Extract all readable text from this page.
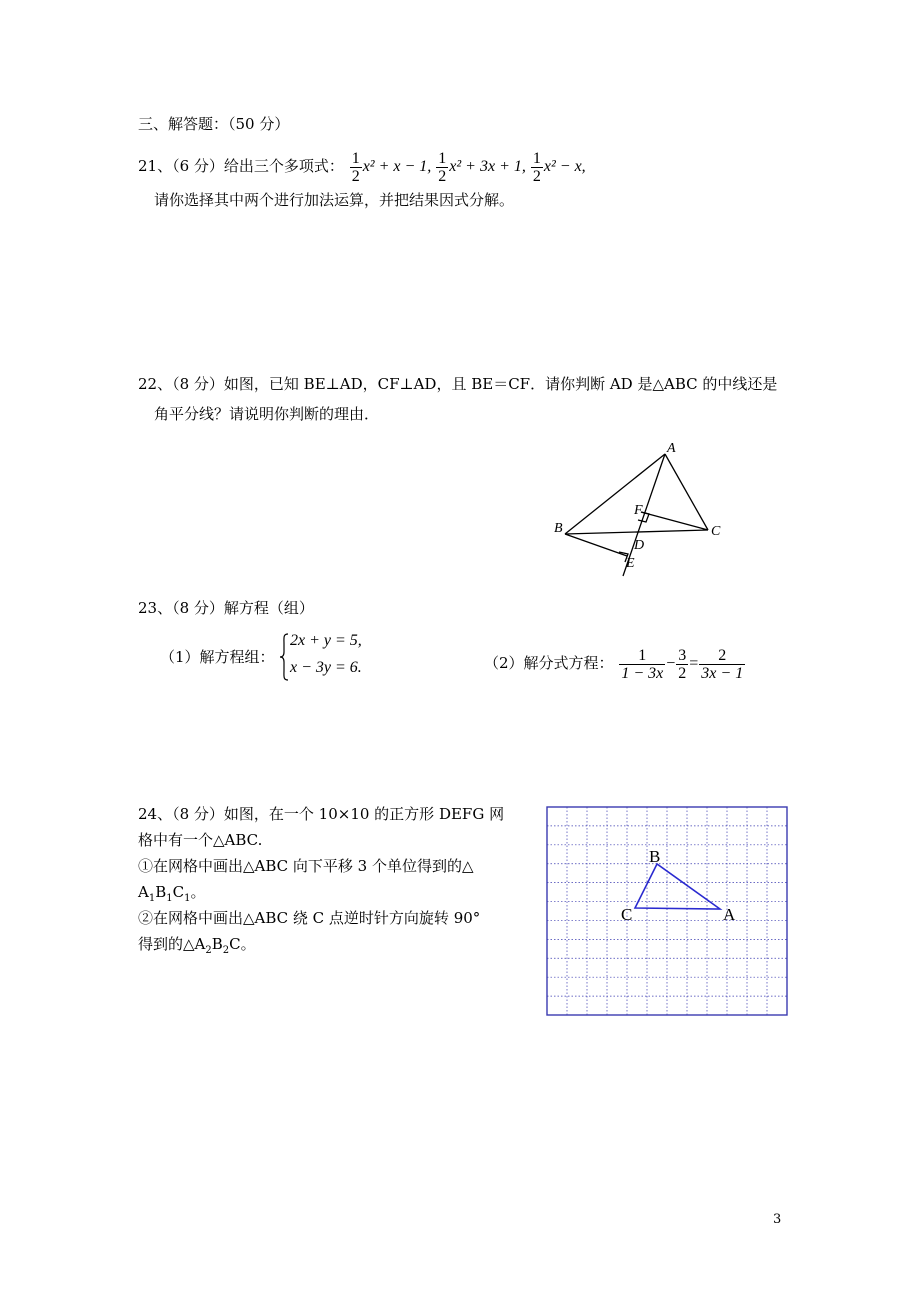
三、解答题：（50 分）
21、（6 分）给出三个多项式： $\frac{1}{2} x^2 + x - 1$, $\frac{1}{2} x^2 + 3x + 1$, $\frac{1}{2} x^2 - x$,
请你选择其中两个进行加法运算，并把结果因式分解。
22、（8 分）如图，已知 BE⊥AD，CF⊥AD，且 BE＝CF．请你判断 AD 是△ABC 的中线还是
角平分线？请说明你判断的理由．
A
B	C
D
E
F
23、（8 分）解方程（组）
（1）解方程组：
2x + y = 5,
x − 3y = 6.	（2）解分式方程： $\frac{1}{1 - 3x} - \frac{3}{2} = \frac{2}{3x - 1}$
24、（8 分）如图，在一个 10×10 的正方形 DEFG 网
格中有一个△ABC.
①在网格中画出△ABC 向下平移 3 个单位得到的△
$A_1B_1C_1$。
②在网格中画出△ABC 绕 C 点逆时针方向旋转 90°
得到的$\triangle A_2B_2C$。
B
C	A
3
